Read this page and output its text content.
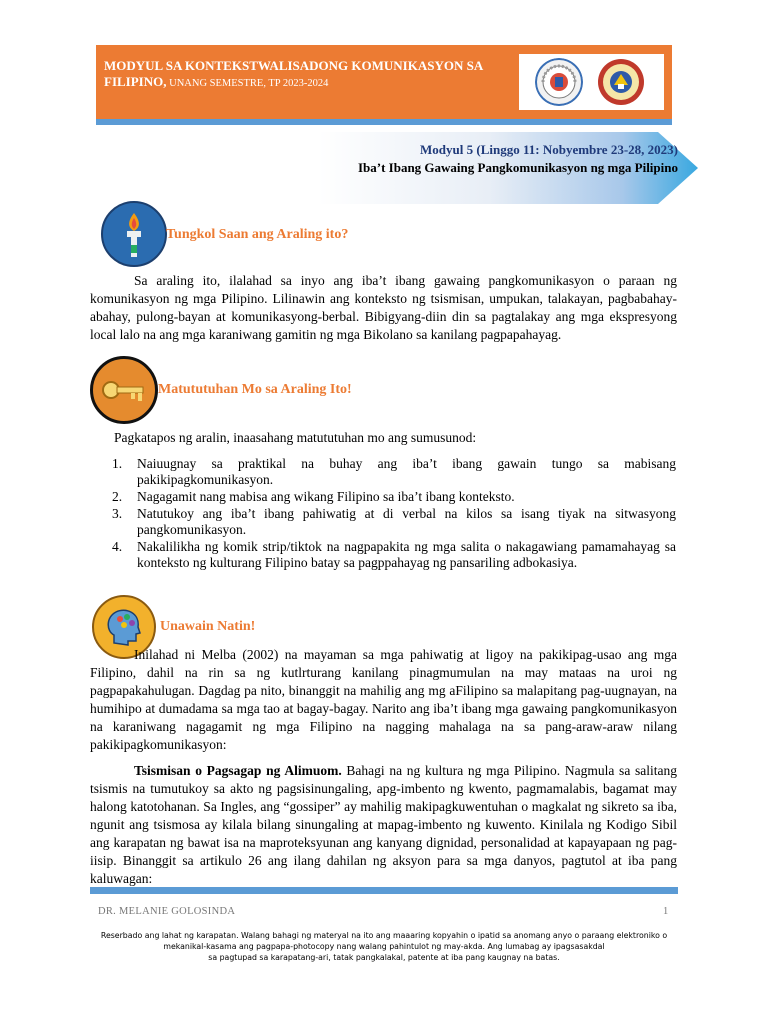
MODYUL SA KONTEKSTWALISADONG KOMUNIKASYON SA FILIPINO, UNANG SEMESTRE, TP 2023-2024
Modyul 5 (Linggo 11: Nobyembre 23-28, 2023)
Iba’t Ibang Gawaing Pangkomunikasyon ng mga Pilipino
Tungkol Saan ang Araling ito?
Sa araling ito, ilalahad sa inyo ang iba’t ibang gawaing pangkomunikasyon o paraan ng komunikasyon ng mga Pilipino. Lilinawin ang konteksto ng tsismisan, umpukan, talakayan, pagbabahay-abahay, pulong-bayan at komunikasyong-berbal. Bibigyang-diin din sa pagtalakay ang mga ekspresyong local lalo na ang mga karaniwang gamitin ng mga Bikolano sa kanilang pagpapahayag.
Matututuhan Mo sa Araling Ito!
Pagkatapos ng aralin, inaasahang matututuhan mo ang sumusunod:
1. Naiuugnay sa praktikal na buhay ang iba’t ibang gawain tungo sa mabisang pakikipagkomunikasyon.
2. Nagagamit nang mabisa ang wikang Filipino sa iba’t ibang konteksto.
3. Natutukoy ang iba’t ibang pahiwatig at di verbal na kilos sa isang tiyak na sitwasyong pangkomunikasyon.
4. Nakalilikha ng komik strip/tiktok na nagpapakita ng mga salita o nakagawiang pamamahayag sa konteksto ng kulturang Filipino batay sa pagppahayag ng pansariling adbokasiya.
Unawain Natin!
Inilahad ni Melba (2002) na mayaman sa mga pahiwatig at ligoy na pakikipag-usao ang mga Filipino, dahil na rin sa ng kutlrturang kanilang pinagmumulan na may mataas na uroi ng pagpapakahulugan. Dagdag pa nito, binanggit na mahilig ang mg aFilipino sa malapitang pag-uugnayan, na humihipo at dumadama sa mga tao at bagay-bagay. Narito ang iba’t ibang mga gawaing pangkomunikasyon na karaniwang nagagamit ng mga Filipino na nagging mahalaga na sa pang-araw-araw nilang pakikipagkomunikasyon:
Tsismisan o Pagsagap ng Alimuom. Bahagi na ng kultura ng mga Pilipino. Nagmula sa salitang tsismis na tumutukoy sa akto ng pagsisinungaling, apg-imbento ng kwento, pagmamalabis, bagamat may halong katotohanan. Sa Ingles, ang “gossiper” ay mahilig makipagkuwentuhan o magkalat ng sikreto sa iba, ngunit ang tsismosa ay kilala bilang sinungaling at mapag-imbento ng kuwento. Kinilala ng Kodigo Sibil ang karapatan ng bawat isa na maproteksyunan ang kanyang dignidad, personalidad at kapayapaan ng pag-iisip. Binanggit sa artikulo 26 ang ilang dahilan ng aksyon para sa mga danyos, pagtutol at iba pang kaluwagan:
DR. MELANIE GOLOSINDA	1
Reserbado ang lahat ng karapatan. Walang bahagi ng materyal na ito ang maaaring kopyahin o ipatid sa anomang anyo o paraang elektroniko o
mekanikal-kasama ang pagpapa-photocopy nang walang pahintulot ng may-akda. Ang lumabag ay ipagsasakdal
sa pagtupad sa karapatang-ari, tatak pangkalakal, patente at iba pang kaugnay na batas.
